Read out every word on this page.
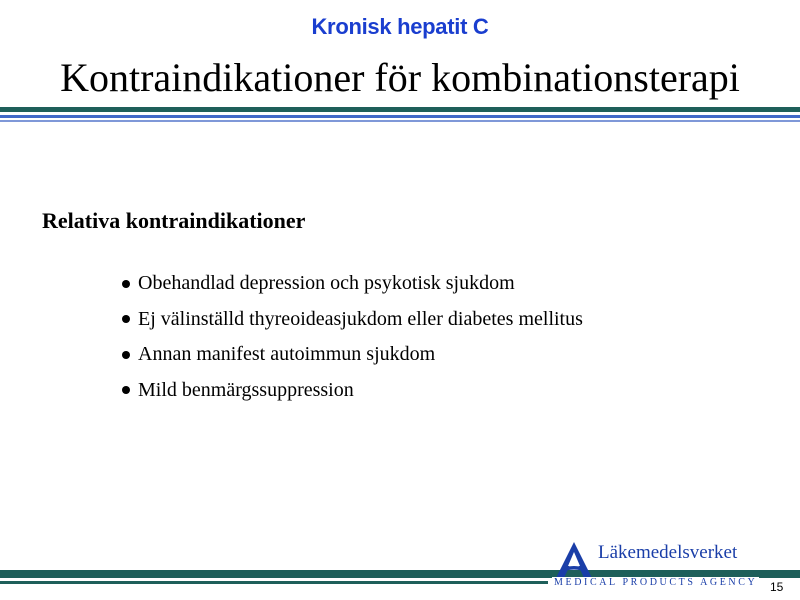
Kronisk hepatit C
Kontraindikationer för kombinationsterapi
Relativa kontraindikationer
Obehandlad depression och psykotisk sjukdom
Ej välinställd thyreoideasjukdom eller diabetes mellitus
Annan manifest autoimmun sjukdom
Mild benmärgssuppression
Läkemedelsverket
MEDICAL PRODUCTS AGENCY 15
